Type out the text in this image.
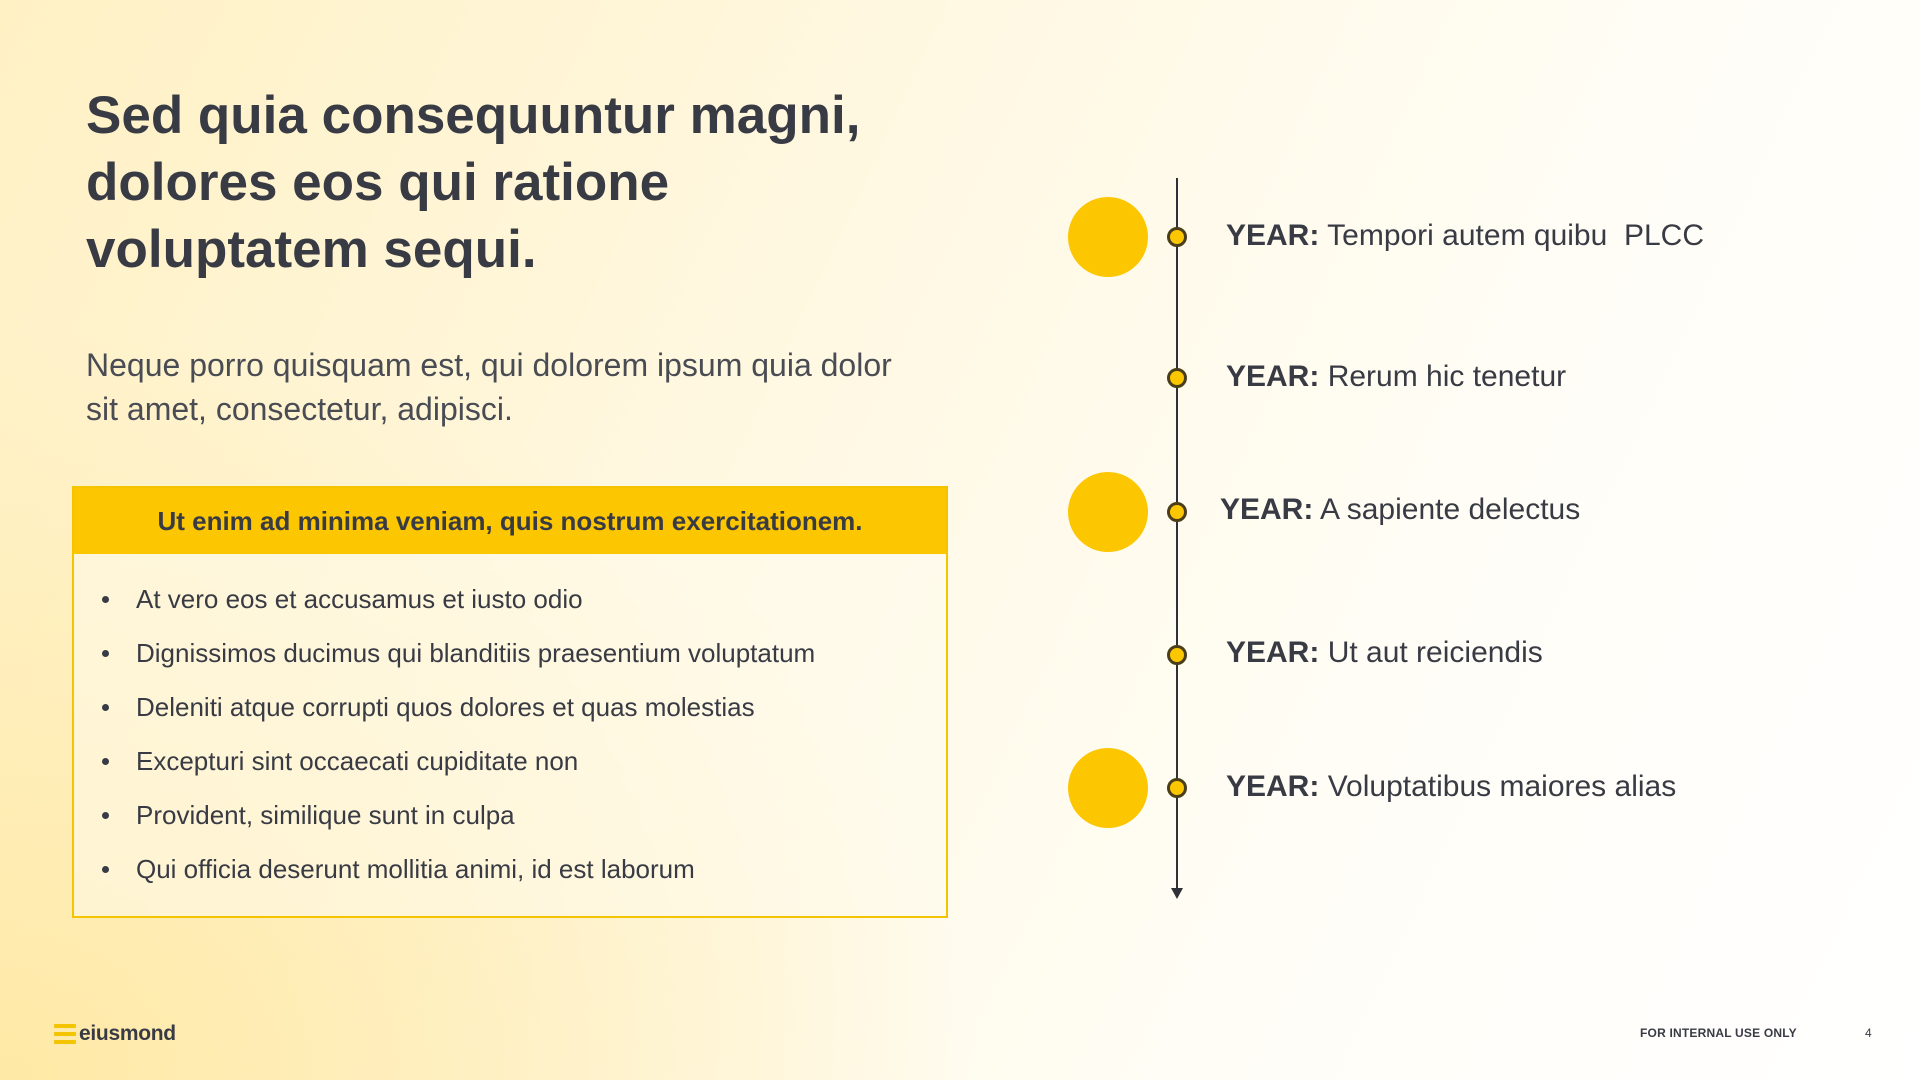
Sed quia consequuntur magni, dolores eos qui ratione voluptatem sequi.

Neque porro quisquam est, qui dolorem ipsum quia dolor sit amet, consectetur, adipisci.

Ut enim ad minima veniam, quis nostrum exercitationem.
At vero eos et accusamus et iusto odio
Dignissimos ducimus qui blanditiis praesentium voluptatum
Deleniti atque corrupti quos dolores et quas molestias
Excepturi sint occaecati cupiditate non
Provident, similique sunt in culpa
Qui officia deserunt mollitia animi, id est laborum
YEAR: Tempori autem quibu  PLCC
YEAR: Rerum hic tenetur
YEAR: A sapiente delectus
YEAR: Ut aut reiciendis
YEAR: Voluptatibus maiores alias
eiusmond	FOR INTERNAL USE ONLY	4
